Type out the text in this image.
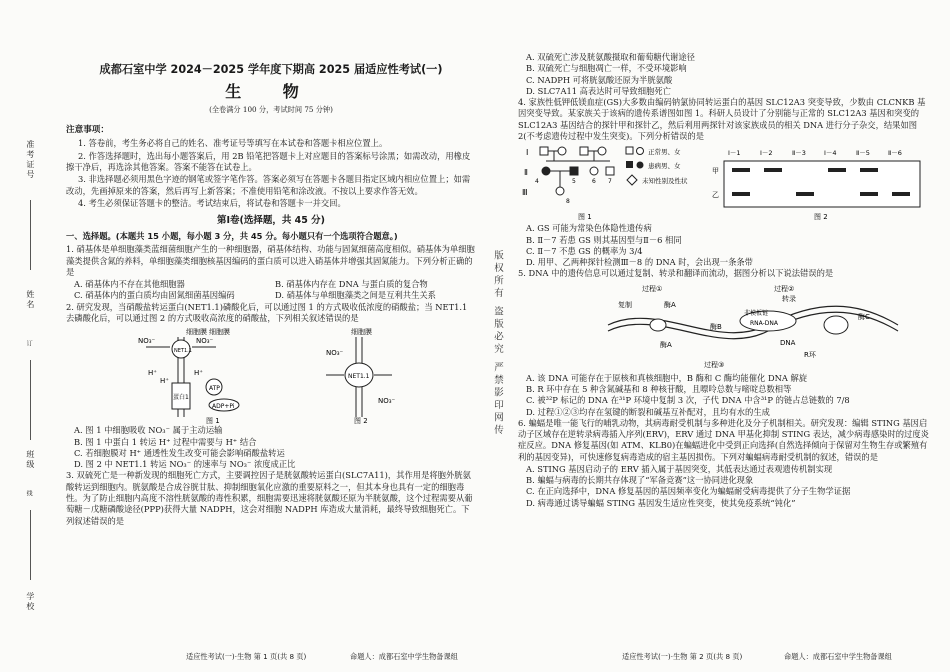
准考证号
姓名
订
班级
线
学校
成都石室中学 2024－2025 学年度下期高 2025 届适应性考试(一)
生 物
(全卷满分 100 分，考试时间 75 分钟)
注意事项：
1. 答卷前，考生务必将自己的姓名、准考证号等填写在本试卷和答题卡相应位置上。
2. 作答选择题时，选出每小题答案后，用 2B 铅笔把答题卡上对应题目的答案标号涂黑；如需改动，用橡皮擦干净后，再选涂其他答案。答案不能答在试卷上。
3. 非选择题必须用黑色字迹的钢笔或签字笔作答。答案必须写在答题卡各题目指定区域内相应位置上；如需改动，先画掉原来的答案，然后再写上新答案；不准使用铅笔和涂改液。不按以上要求作答无效。
4. 考生必须保证答题卡的整洁。考试结束后，将试卷和答题卡一并交回。
第Ⅰ卷(选择题，共 45 分)
一、选择题。(本题共 15 小题，每小题 3 分，共 45 分。每小题只有一个选项符合题意。)
1. 硝基体是单细胞藻类蓝细菌细胞产生的一种细胞器，硝基体结构、功能与固氮细菌高度相似。硝基体为单细胞藻类提供含氮的养料，单细胞藻类细胞核基因编码的蛋白质可以进入硝基体并增强其固氮能力。下列分析正确的是
A. 硝基体内不存在其他细胞器	B. 硝基体内存在 DNA 与蛋白质的复合物
C. 硝基体内的蛋白质均由固氮细菌基因编码	D. 硝基体与单细胞藻类之间是互利共生关系
2. 研究发现，当硝酸盐转运蛋白(NET1.1)磷酸化后，可以通过图 1 的方式吸收低浓度的硝酸盐；当 NET1.1 去磷酸化后，可以通过图 2 的方式吸收高浓度的硝酸盐，下列相关叙述错误的是
细胞膜 细胞膜
NET1.1
蛋白1
ATP
ADP+Pi
NO₃⁻	NO₃⁻
H⁺
H⁺
H⁺
细胞膜
NET1.1
NO₃⁻
NO₃⁻
图 1	图 2
A. 图 1 中细胞吸收 NO₃⁻ 属于主动运输
B. 图 1 中蛋白 1 转运 H⁺ 过程中需要与 H⁺ 结合
C. 若细胞膜对 H⁺ 通透性发生改变可能会影响硝酸盐转运
D. 图 2 中 NET1.1 转运 NO₃⁻ 的速率与 NO₃⁻ 浓度成正比
3. 双硫死亡是一种新发现的细胞死亡方式，主要调控因子是胱氨酸转运蛋白(SLC7A11)，其作用是将胞外胱氨酸转运到细胞内。胱氨酸是合成谷胱甘肽、抑制细胞氧化应激的重要原料之一，但其本身也具有一定的细胞毒性。为了防止细胞内高度不溶性胱氨酸的毒性积累，细胞需要迅速将胱氨酸还原为半胱氨酸，这个过程需要从葡萄糖－戊糖磷酸途径(PPP)获得大量 NADPH，这会对细胞 NADPH 库造成大量消耗，最终导致细胞死亡。下列叙述错误的是
版权所有 盗版必究 严禁影印网传
A. 双硫死亡涉及胱氨酸摄取和葡萄糖代谢途径
B. 双硫死亡与细胞凋亡一样，不受环境影响
C. NADPH 可将胱氨酸还原为半胱氨酸
D. SLC7A11 高表达时可导致细胞死亡
4. 家族性低钾低镁血症(GS)大多数由编码钠氯协同转运蛋白的基因 SLC12A3 突变导致，少数由 CLCNKB 基因突变导致。某家族关于该病的遗传系谱图如图 1。科研人员设计了分别能与正常的 SLC12A3 基因和突变的 SLC12A3 基因结合的探针甲和探针乙，然后利用两探针对该家族成员的相关 DNA 进行分子杂交，结果如图 2(不考虑遗传过程中发生突变)。下列分析错误的是
Ⅰ
Ⅱ
Ⅲ
4	5	6 7
8
正常男、女
患病男、女
未知性别及性状
图 1
Ⅰ－1	Ⅰ－2	Ⅱ－3	Ⅰ－4	Ⅱ－5	Ⅱ－6
甲
乙
图 2
A. GS 可能为常染色体隐性遗传病
B. Ⅱ－7 若患 GS 则其基因型与Ⅱ－6 相同
C. Ⅱ－7 不患 GS 的概率为 3/4
D. 用甲、乙两种探针检测Ⅲ－8 的 DNA 时，会出现一条条带
5. DNA 中的遗传信息可以通过复制、转录和翻译而流动，据图分析以下说法错误的是
过程①
复制	酶A
过程②
转录
非模板链
RNA-DNA
酶C
酶B
酶A	DNA
R环
过程③
A. 该 DNA 可能存在于原核和真核细胞中，B 酶和 C 酶均能催化 DNA 解旋
B. R 环中存在 5 种含氮碱基和 8 种核苷酸，且嘌呤总数与嘧啶总数相等
C. 被³²P 标记的 DNA 在³¹P 环境中复制 3 次，子代 DNA 中含³¹P 的链占总链数的 7/8
D. 过程①②③均存在氢键的断裂和碱基互补配对，且均有水的生成
6. 蝙蝠是唯一能飞行的哺乳动物，其病毒耐受机制与多种进化及分子机制相关。研究发现：编辑 STING 基因启动子区域存在逆转录病毒插入序列(ERV)，ERV 通过 DNA 甲基化抑制 STING 表达，减少病毒感染时的过度炎症反应。DNA 修复基因(如 ATM、KLB0)在蝙蝠进化中受到正向选择(自然选择倾向于保留对生物生存或繁殖有利的基因变异)，可快速修复病毒造成的宿主基因损伤。下列对蝙蝠病毒耐受机制的叙述，错误的是
A. STING 基因启动子的 ERV 插入属于基因突变，其低表达通过表观遗传机制实现
B. 蝙蝠与病毒的长期共存体现了“军备竞赛”这一协同进化现象
C. 在正向选择中，DNA 修复基因的基因频率变化为蝙蝠耐受病毒提供了分子生物学证据
D. 病毒通过诱导蝙蝠 STING 基因发生适应性突变，使其免疫系统“钝化”
适应性考试(一)·生物 第 1 页(共 8 页)	命题人：成都石室中学生物备课组	适应性考试(一)·生物 第 2 页(共 8 页)	命题人：成都石室中学生物备课组
